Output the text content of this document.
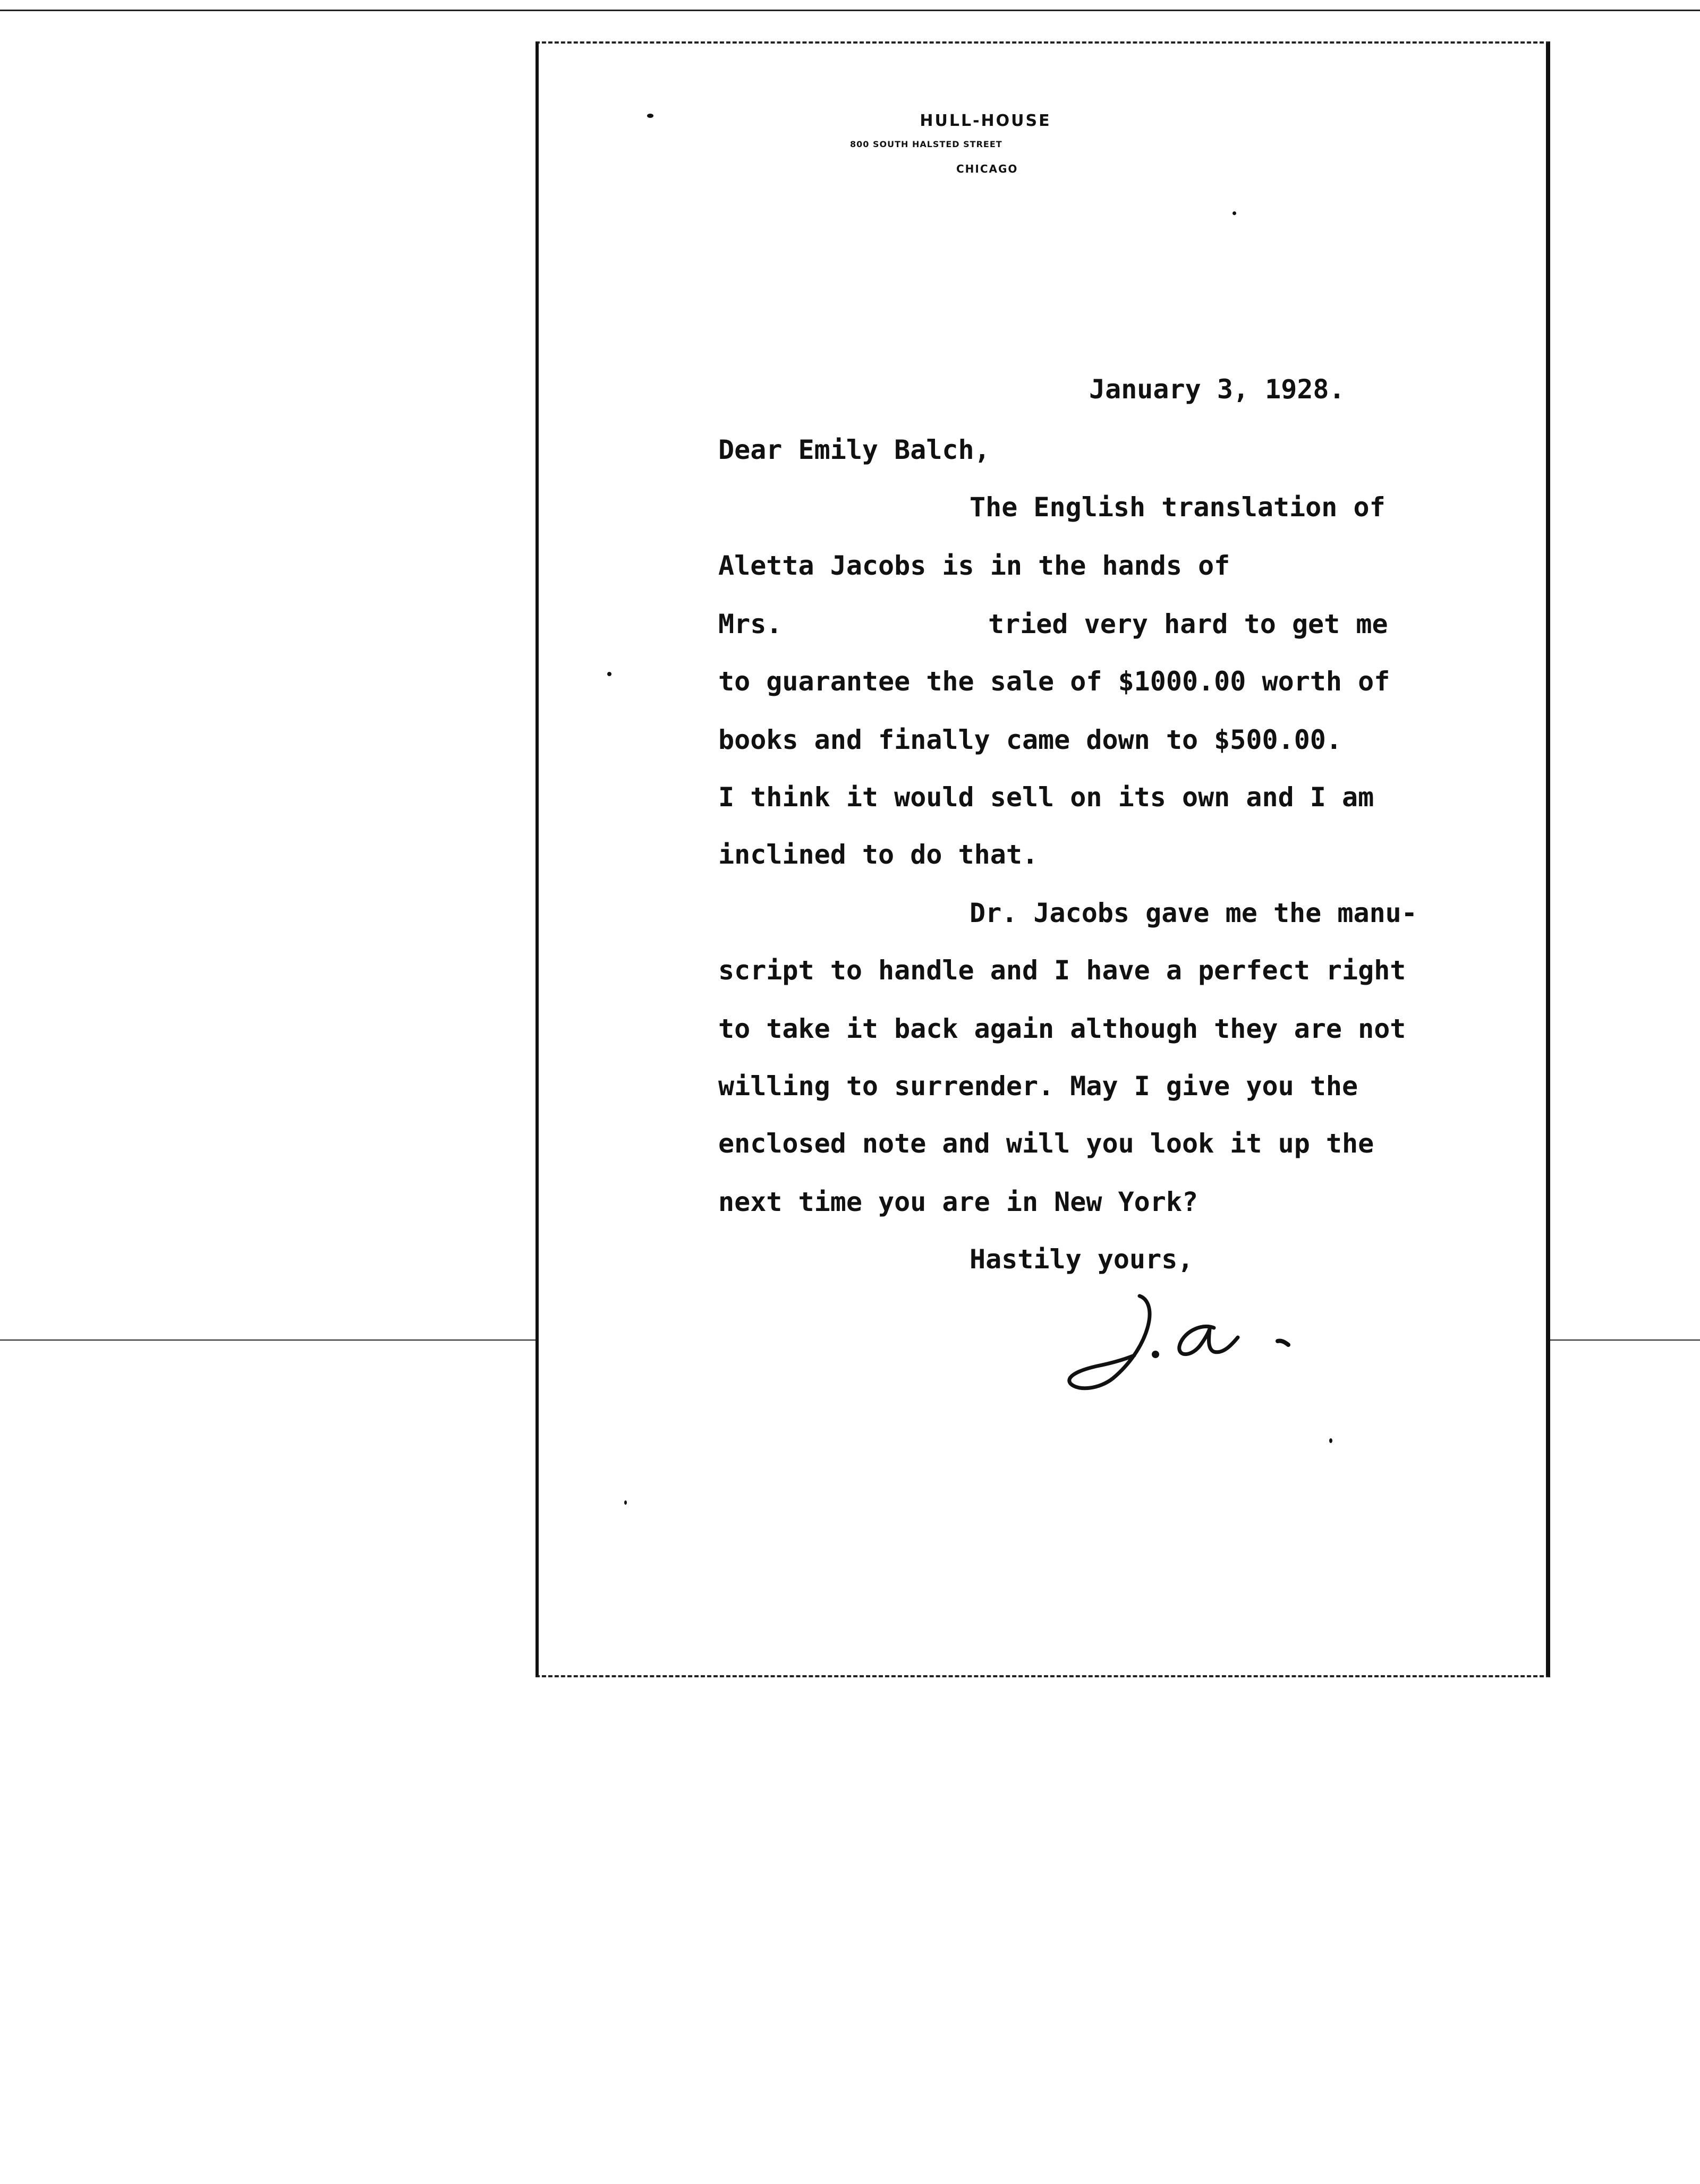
HULL-HOUSE
800 SOUTH HALSTED STREET
CHICAGO
January 3, 1928.
Dear Emily Balch,
The English translation of
Aletta Jacobs is in the hands of
Mrs.	tried very hard to get me
to guarantee the sale of $1000.00 worth of
books and finally came down to $500.00.
I think it would sell on its own and I am
inclined to do that.
Dr. Jacobs gave me the manu-
script to handle and I have a perfect right
to take it back again although they are not
willing to surrender. May I give you the
enclosed note and will you look it up the
next time you are in New York?
Hastily yours,
